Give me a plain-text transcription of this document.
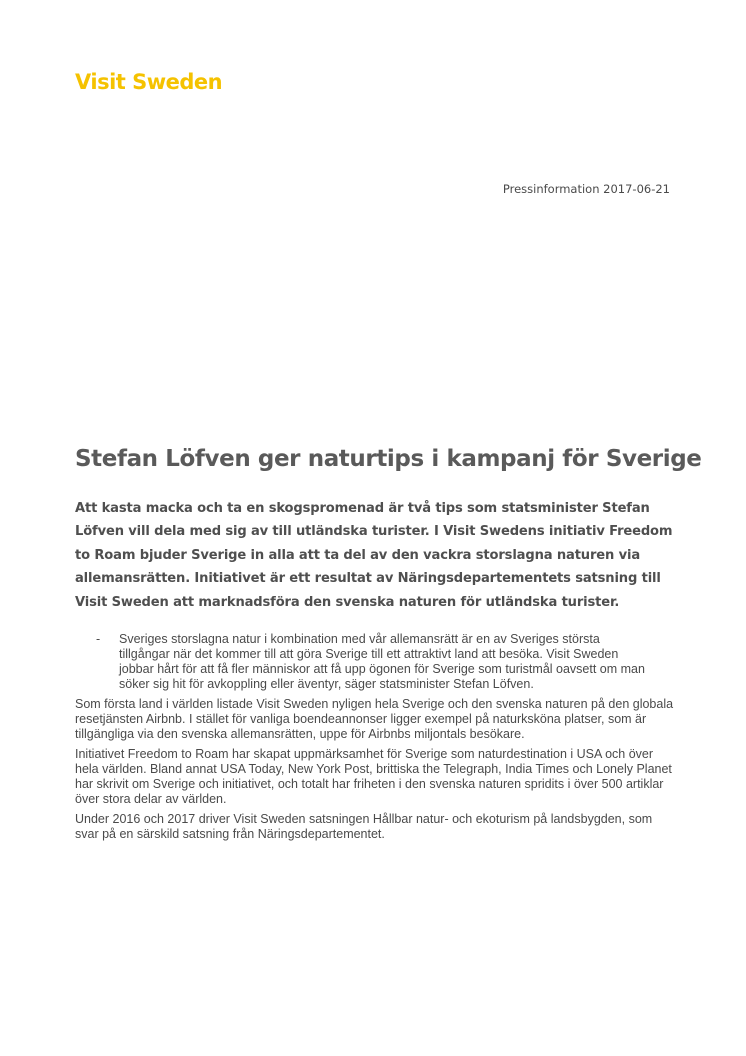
Visit Sweden
Pressinformation 2017-06-21
Stefan Löfven ger naturtips i kampanj för Sverige

Att kasta macka och ta en skogspromenad är två tips som statsminister Stefan Löfven vill dela med sig av till utländska turister. I Visit Swedens initiativ Freedom to Roam bjuder Sverige in alla att ta del av den vackra storslagna naturen via allemansrätten. Initiativet är ett resultat av Näringsdepartementets satsning till Visit Sweden att marknadsföra den svenska naturen för utländska turister.

-	Sveriges storslagna natur i kombination med vår allemansrätt är en av Sveriges största tillgångar när det kommer till att göra Sverige till ett attraktivt land att besöka. Visit Sweden jobbar hårt för att få fler människor att få upp ögonen för Sverige som turistmål oavsett om man söker sig hit för avkoppling eller äventyr, säger statsminister Stefan Löfven.

Som första land i världen listade Visit Sweden nyligen hela Sverige och den svenska naturen på den globala resetjänsten Airbnb. I stället för vanliga boendeannonser ligger exempel på naturksköna platser, som är tillgängliga via den svenska allemansrätten, uppe för Airbnbs miljontals besökare.

Initiativet Freedom to Roam har skapat uppmärksamhet för Sverige som naturdestination i USA och över hela världen. Bland annat USA Today, New York Post, brittiska the Telegraph, India Times och Lonely Planet har skrivit om Sverige och initiativet, och totalt har friheten i den svenska naturen spridits i över 500 artiklar över stora delar av världen.

Under 2016 och 2017 driver Visit Sweden satsningen Hållbar natur- och ekoturism på landsbygden, som svar på en särskild satsning från Näringsdepartementet.
